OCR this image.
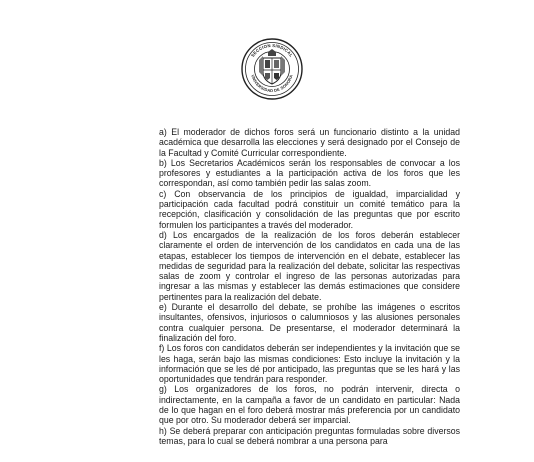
SECCION SINDICAL
UNIVERSIDAD DE SONORA

a) El moderador de dichos foros será un funcionario distinto a la unidad académica que desarrolla las elecciones y será designado por el Consejo de la Facultad y Comité Curricular correspondiente.

b) Los Secretarios Académicos serán los responsables de convocar a los profesores y estudiantes a la participación activa de los foros que les correspondan, así como también pedir las salas zoom.

c) Con observancia de los principios de igualdad, imparcialidad y participación cada facultad podrá constituir un comité temático para la recepción, clasificación y consolidación de las preguntas que por escrito formulen los participantes a través del moderador.

d) Los encargados de la realización de los foros deberán establecer claramente el orden de intervención de los candidatos en cada una de las etapas, establecer los tiempos de intervención en el debate, establecer las medidas de seguridad para la realización del debate, solicitar las respectivas salas de zoom y controlar el ingreso de las personas autorizadas para ingresar a las mismas y establecer las demás estimaciones que considere pertinentes para la realización del debate.

e) Durante el desarrollo del debate, se prohíbe las imágenes o escritos insultantes, ofensivos, injuriosos o calumniosos y las alusiones personales contra cualquier persona. De presentarse, el moderador determinará la finalización del foro.

f) Los foros con candidatos deberán ser independientes y la invitación que se les haga, serán bajo las mismas condiciones: Esto incluye la invitación y la información que se les dé por anticipado, las preguntas que se les hará y las oportunidades que tendrán para responder.

g) Los organizadores de los foros, no podrán intervenir, directa o indirectamente, en la campaña a favor de un candidato en particular: Nada de lo que hagan en el foro deberá mostrar más preferencia por un candidato que por otro. Su moderador deberá ser imparcial.

h) Se deberá preparar con anticipación preguntas formuladas sobre diversos temas, para lo cual se deberá nombrar a una persona para
